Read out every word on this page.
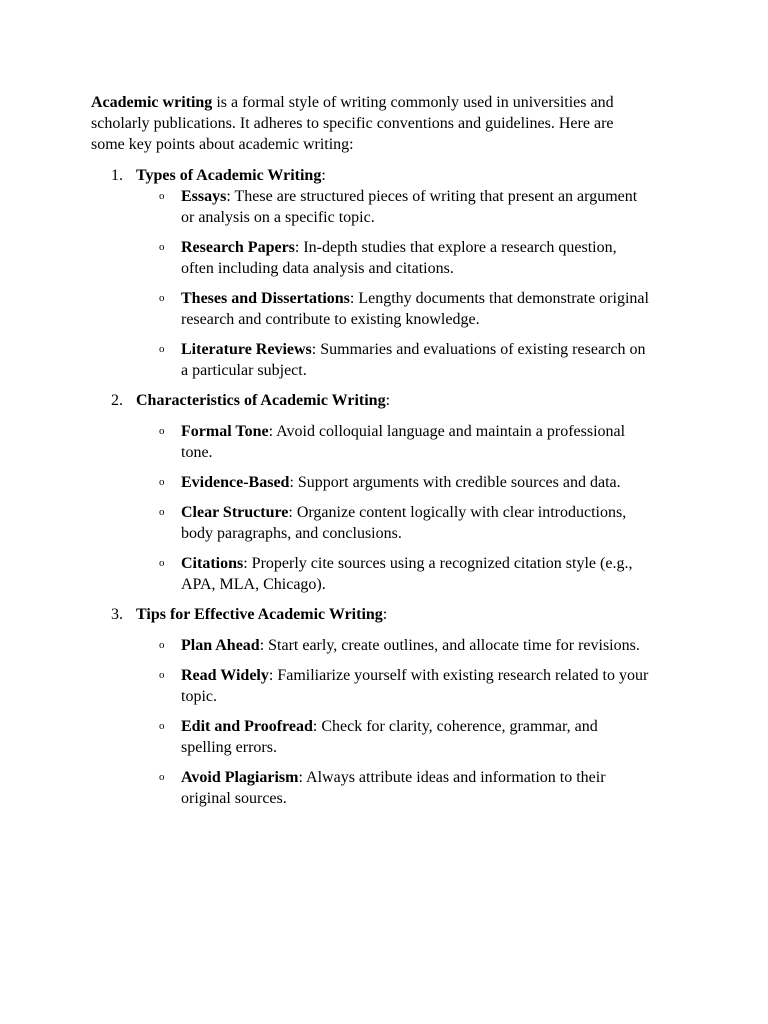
Academic writing is a formal style of writing commonly used in universities and scholarly publications. It adheres to specific conventions and guidelines. Here are some key points about academic writing:

1. Types of Academic Writing:

o Essays: These are structured pieces of writing that present an argument or analysis on a specific topic.

o Research Papers: In-depth studies that explore a research question, often including data analysis and citations.

o Theses and Dissertations: Lengthy documents that demonstrate original research and contribute to existing knowledge.

o Literature Reviews: Summaries and evaluations of existing research on a particular subject.

2. Characteristics of Academic Writing:

o Formal Tone: Avoid colloquial language and maintain a professional tone.

o Evidence-Based: Support arguments with credible sources and data.

o Clear Structure: Organize content logically with clear introductions, body paragraphs, and conclusions.

o Citations: Properly cite sources using a recognized citation style (e.g., APA, MLA, Chicago).

3. Tips for Effective Academic Writing:

o Plan Ahead: Start early, create outlines, and allocate time for revisions.

o Read Widely: Familiarize yourself with existing research related to your topic.

o Edit and Proofread: Check for clarity, coherence, grammar, and spelling errors.

o Avoid Plagiarism: Always attribute ideas and information to their original sources.
